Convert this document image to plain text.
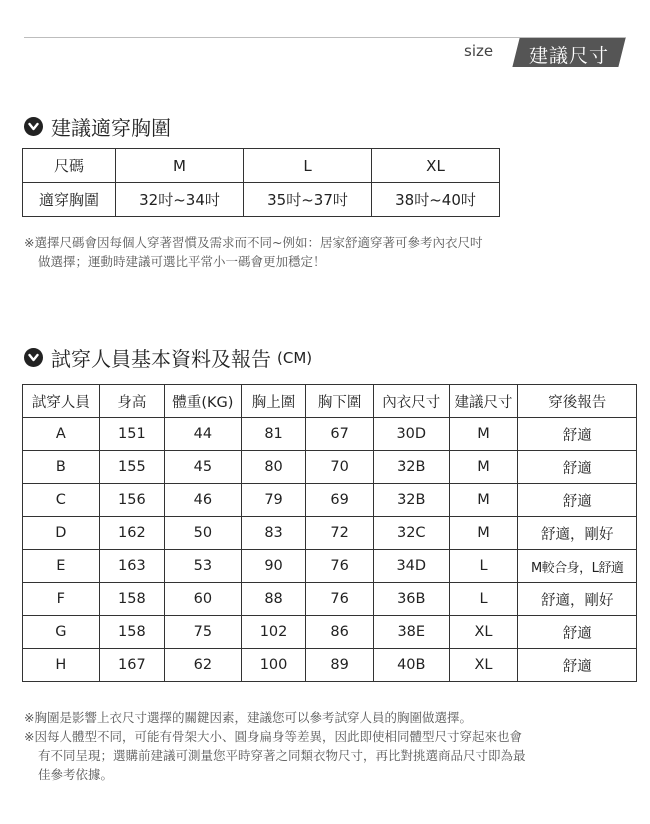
size	建議尺寸
建議適穿胸圍
尺碼	M	L	XL
適穿胸圍	32吋~34吋	35吋~37吋	38吋~40吋
※選擇尺碼會因每個人穿著習慣及需求而不同~例如：居家舒適穿著可參考內衣尺吋
做選擇；運動時建議可選比平常小一碼會更加穩定！
試穿人員基本資料及報告 (CM)
試穿人員	身高	體重(KG)	胸上圍	胸下圍	內衣尺寸	建議尺寸	穿後報告
A	151	44	81	67	30D	M	舒適
B	155	45	80	70	32B	M	舒適
C	156	46	79	69	32B	M	舒適
D	162	50	83	72	32C	M	舒適，剛好
E	163	53	90	76	34D	L	M較合身，L舒適
F	158	60	88	76	36B	L	舒適，剛好
G	158	75	102	86	38E	XL	舒適
H	167	62	100	89	40B	XL	舒適
※胸圍是影響上衣尺寸選擇的關鍵因素，建議您可以參考試穿人員的胸圍做選擇。
※因每人體型不同，可能有骨架大小、圓身扁身等差異，因此即使相同體型尺寸穿起來也會
有不同呈現；選購前建議可測量您平時穿著之同類衣物尺寸，再比對挑選商品尺寸即為最
佳參考依據。
